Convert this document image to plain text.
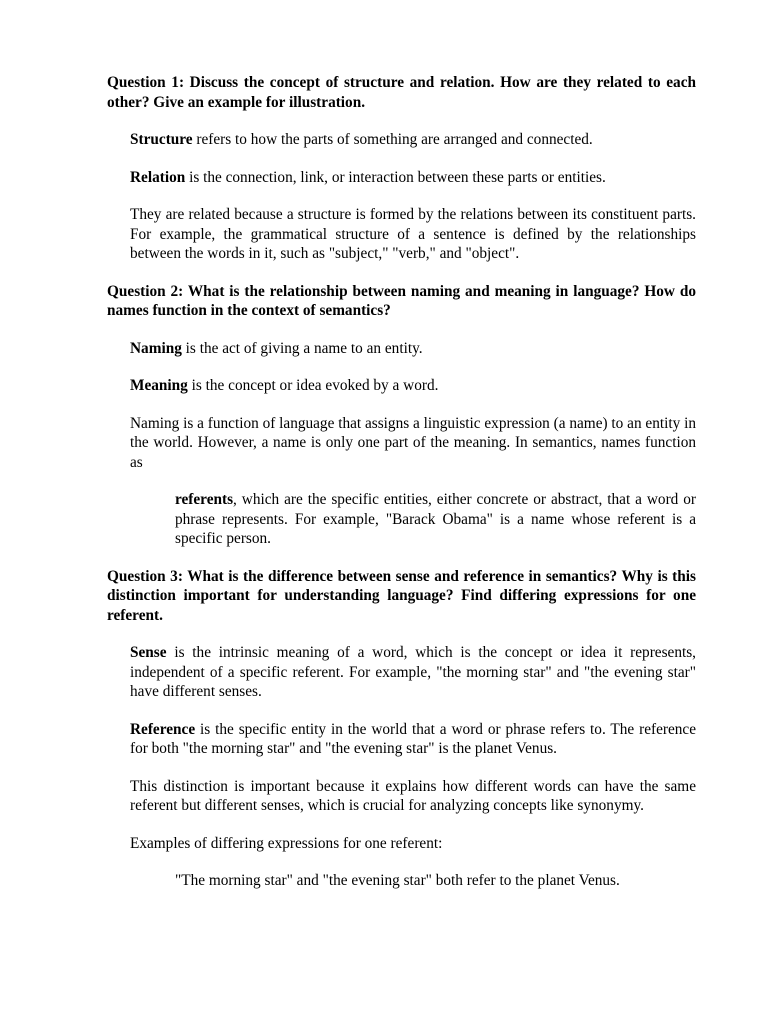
Question 1: Discuss the concept of structure and relation. How are they related to each other? Give an example for illustration.

Structure refers to how the parts of something are arranged and connected.

Relation is the connection, link, or interaction between these parts or entities.

They are related because a structure is formed by the relations between its constituent parts. For example, the grammatical structure of a sentence is defined by the relationships between the words in it, such as "subject," "verb," and "object".

Question 2: What is the relationship between naming and meaning in language? How do names function in the context of semantics?

Naming is the act of giving a name to an entity.

Meaning is the concept or idea evoked by a word.

Naming is a function of language that assigns a linguistic expression (a name) to an entity in the world. However, a name is only one part of the meaning. In semantics, names function as

referents, which are the specific entities, either concrete or abstract, that a word or phrase represents. For example, "Barack Obama" is a name whose referent is a specific person.

Question 3: What is the difference between sense and reference in semantics? Why is this distinction important for understanding language? Find differing expressions for one referent.

Sense is the intrinsic meaning of a word, which is the concept or idea it represents, independent of a specific referent. For example, "the morning star" and "the evening star" have different senses.

Reference is the specific entity in the world that a word or phrase refers to. The reference for both "the morning star" and "the evening star" is the planet Venus.

This distinction is important because it explains how different words can have the same referent but different senses, which is crucial for analyzing concepts like synonymy.

Examples of differing expressions for one referent:

"The morning star" and "the evening star" both refer to the planet Venus.
